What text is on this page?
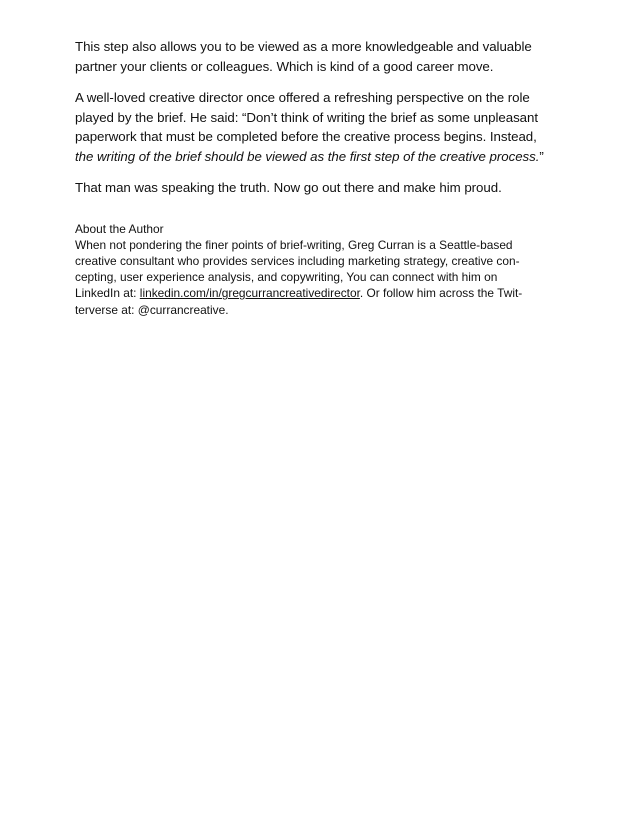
This step also allows you to be viewed as a more knowledgeable and valuable
partner your clients or colleagues. Which is kind of a good career move.

A well-loved creative director once offered a refreshing perspective on the role
played by the brief. He said: “Don’t think of writing the brief as some unpleasant
paperwork that must be completed before the creative process begins. Instead,
the writing of the brief should be viewed as the first step of the creative process.”

That man was speaking the truth. Now go out there and make him proud.

About the Author
When not pondering the finer points of brief-writing, Greg Curran is a Seattle-based
creative consultant who provides services including marketing strategy, creative con-
cepting, user experience analysis, and copywriting, You can connect with him on
LinkedIn at: linkedin.com/in/gregcurrancreativedirector. Or follow him across the Twit-
terverse at: @currancreative.
